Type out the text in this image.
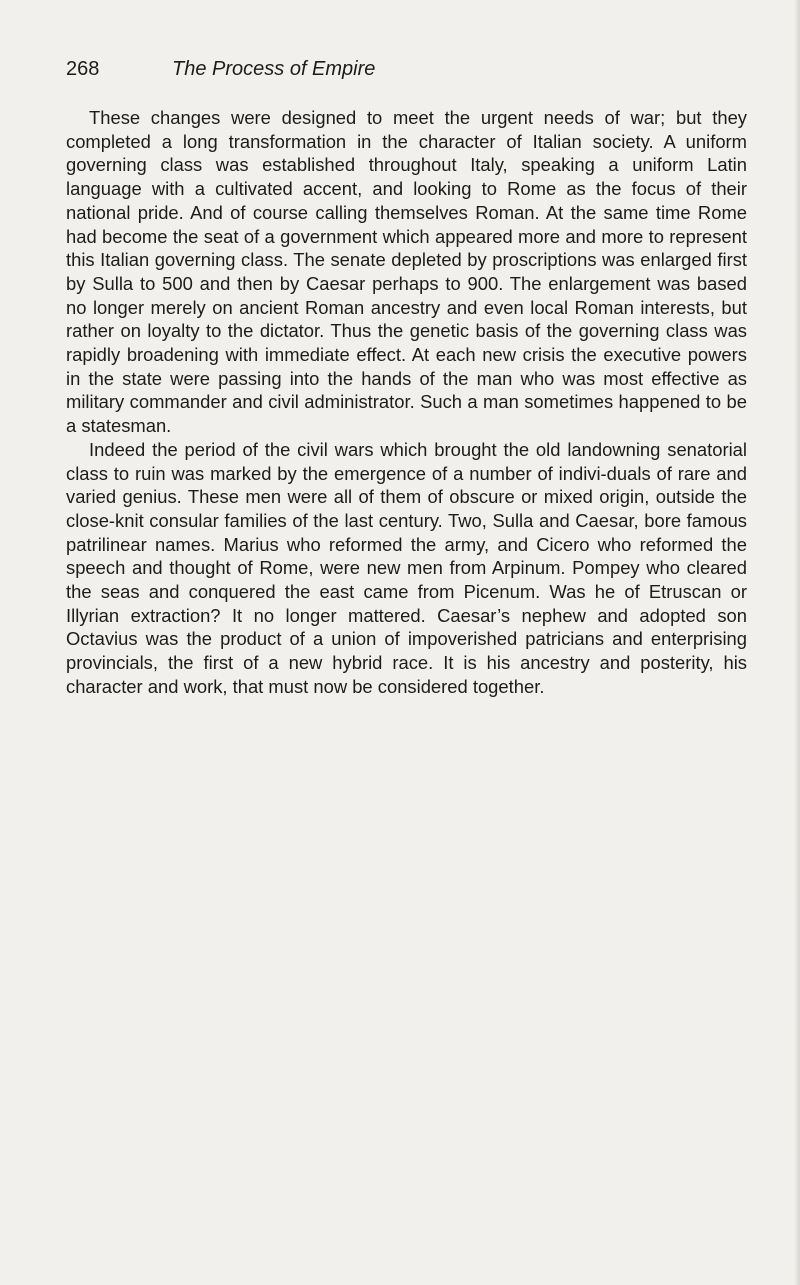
268	The Process of Empire

These changes were designed to meet the urgent needs of war; but they completed a long transformation in the character of Italian society. A uniform governing class was established throughout Italy, speaking a uniform Latin language with a cultivated accent, and looking to Rome as the focus of their national pride. And of course calling themselves Roman. At the same time Rome had become the seat of a government which appeared more and more to represent this Italian governing class. The senate depleted by proscriptions was enlarged first by Sulla to 500 and then by Caesar perhaps to 900. The enlargement was based no longer merely on ancient Roman ancestry and even local Roman interests, but rather on loyalty to the dictator. Thus the genetic basis of the governing class was rapidly broadening with immediate effect. At each new crisis the executive powers in the state were passing into the hands of the man who was most effective as military commander and civil administrator. Such a man sometimes happened to be a statesman.

Indeed the period of the civil wars which brought the old landowning senatorial class to ruin was marked by the emergence of a number of indivi-duals of rare and varied genius. These men were all of them of obscure or mixed origin, outside the close-knit consular families of the last century. Two, Sulla and Caesar, bore famous patrilinear names. Marius who reformed the army, and Cicero who reformed the speech and thought of Rome, were new men from Arpinum. Pompey who cleared the seas and conquered the east came from Picenum. Was he of Etruscan or Illyrian extraction? It no longer mattered. Caesar’s nephew and adopted son Octavius was the product of a union of impoverished patricians and enterprising provincials, the first of a new hybrid race. It is his ancestry and posterity, his character and work, that must now be considered together.
